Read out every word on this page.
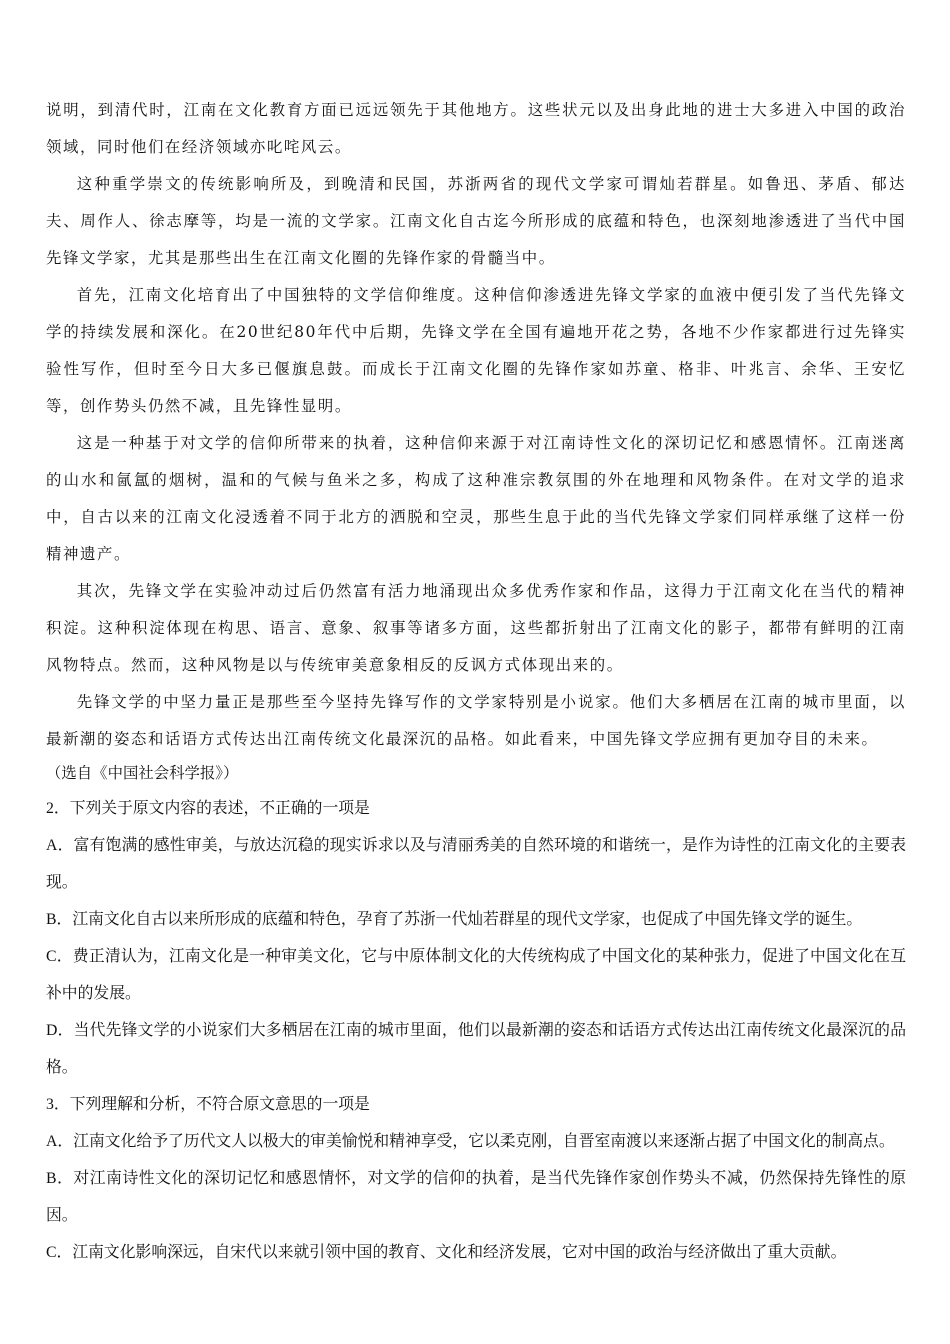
说明，到清代时，江南在文化教育方面已远远领先于其他地方。这些状元以及出身此地的进士大多进入中国的政治领域，同时他们在经济领域亦叱咤风云。

这种重学崇文的传统影响所及，到晚清和民国，苏浙两省的现代文学家可谓灿若群星。如鲁迅、茅盾、郁达夫、周作人、徐志摩等，均是一流的文学家。江南文化自古迄今所形成的底蕴和特色，也深刻地渗透进了当代中国先锋文学家，尤其是那些出生在江南文化圈的先锋作家的骨髓当中。

首先，江南文化培育出了中国独特的文学信仰维度。这种信仰渗透进先锋文学家的血液中便引发了当代先锋文学的持续发展和深化。在20世纪80年代中后期，先锋文学在全国有遍地开花之势，各地不少作家都进行过先锋实验性写作，但时至今日大多已偃旗息鼓。而成长于江南文化圈的先锋作家如苏童、格非、叶兆言、余华、王安忆等，创作势头仍然不减，且先锋性显明。

这是一种基于对文学的信仰所带来的执着，这种信仰来源于对江南诗性文化的深切记忆和感恩情怀。江南迷离的山水和氤氲的烟树，温和的气候与鱼米之多，构成了这种准宗教氛围的外在地理和风物条件。在对文学的追求中，自古以来的江南文化浸透着不同于北方的洒脱和空灵，那些生息于此的当代先锋文学家们同样承继了这样一份精神遗产。

其次，先锋文学在实验冲动过后仍然富有活力地涌现出众多优秀作家和作品，这得力于江南文化在当代的精神积淀。这种积淀体现在构思、语言、意象、叙事等诸多方面，这些都折射出了江南文化的影子，都带有鲜明的江南风物特点。然而，这种风物是以与传统审美意象相反的反讽方式体现出来的。

先锋文学的中坚力量正是那些至今坚持先锋写作的文学家特别是小说家。他们大多栖居在江南的城市里面，以最新潮的姿态和话语方式传达出江南传统文化最深沉的品格。如此看来，中国先锋文学应拥有更加夺目的未来。

（选自《中国社会科学报》）

2．下列关于原文内容的表述，不正确的一项是

A．富有饱满的感性审美，与放达沉稳的现实诉求以及与清丽秀美的自然环境的和谐统一，是作为诗性的江南文化的主要表现。

B．江南文化自古以来所形成的底蕴和特色，孕育了苏浙一代灿若群星的现代文学家，也促成了中国先锋文学的诞生。

C．费正清认为，江南文化是一种审美文化，它与中原体制文化的大传统构成了中国文化的某种张力，促进了中国文化在互补中的发展。

D．当代先锋文学的小说家们大多栖居在江南的城市里面，他们以最新潮的姿态和话语方式传达出江南传统文化最深沉的品格。

3．下列理解和分析，不符合原文意思的一项是

A．江南文化给予了历代文人以极大的审美愉悦和精神享受，它以柔克刚，自晋室南渡以来逐渐占据了中国文化的制高点。

B．对江南诗性文化的深切记忆和感恩情怀，对文学的信仰的执着，是当代先锋作家创作势头不减，仍然保持先锋性的原因。

C．江南文化影响深远，自宋代以来就引领中国的教育、文化和经济发展，它对中国的政治与经济做出了重大贡献。
